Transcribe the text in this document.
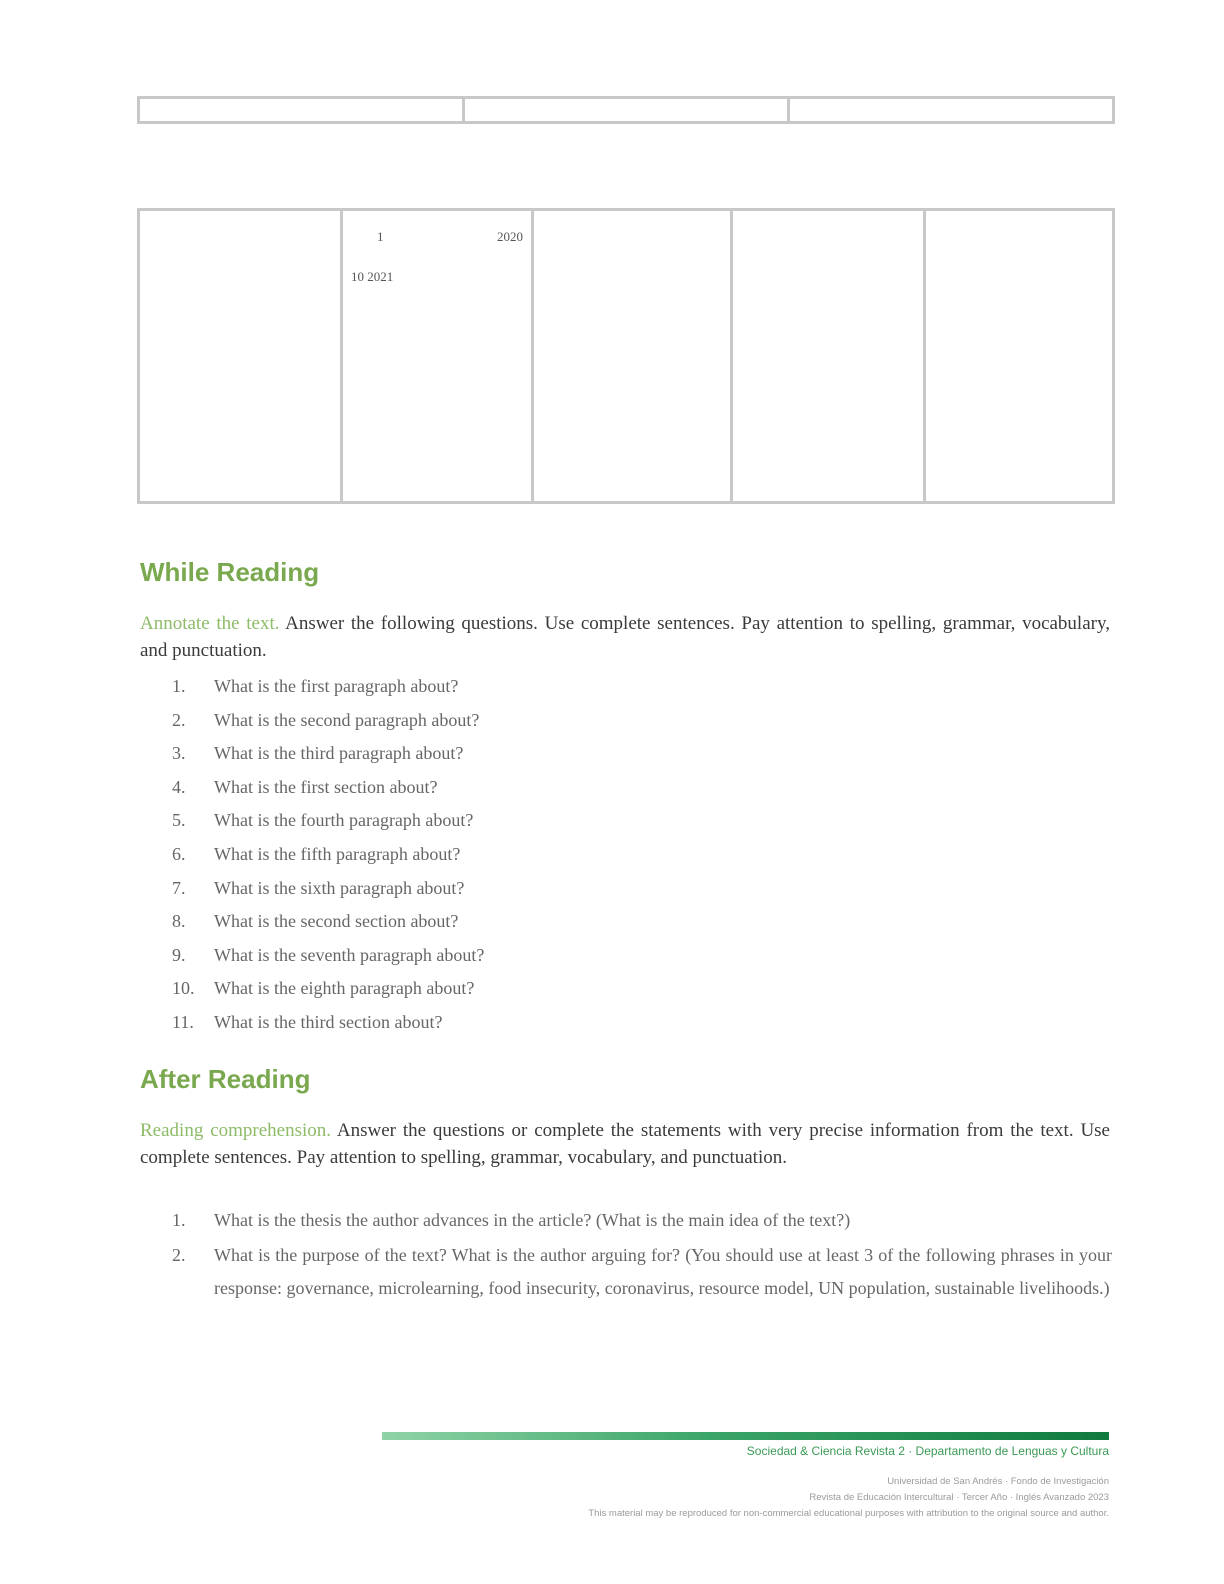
1	2020
10 2021

While Reading
Annotate the text. Answer the following questions. Use complete sentences. Pay attention to spelling, grammar, vocabulary, and punctuation.
1.	What is the first paragraph about?
2.	What is the second paragraph about?
3.	What is the third paragraph about?
4.	What is the first section about?
5.	What is the fourth paragraph about?
6.	What is the fifth paragraph about?
7.	What is the sixth paragraph about?
8.	What is the second section about?
9.	What is the seventh paragraph about?
10.	What is the eighth paragraph about?
11.	What is the third section about?
After Reading
Reading comprehension. Answer the questions or complete the statements with very precise information from the text. Use complete sentences. Pay attention to spelling, grammar, vocabulary, and punctuation.
1.	What is the thesis the author advances in the article? (What is the main idea of the text?)
2.	What is the purpose of the text? What is the author arguing for? (You should use at least 3 of the following phrases in your response: governance, microlearning, food insecurity, coronavirus, resource model, UN population, sustainable livelihoods.)
Sociedad & Ciencia Revista 2 · Departamento de Lenguas y Cultura
Universidad de San Andrés · Fondo de Investigación
Revista de Educación Intercultural · Tercer Año · Inglés Avanzado 2023
This material may be reproduced for non-commercial educational purposes with attribution to the original source and author.
